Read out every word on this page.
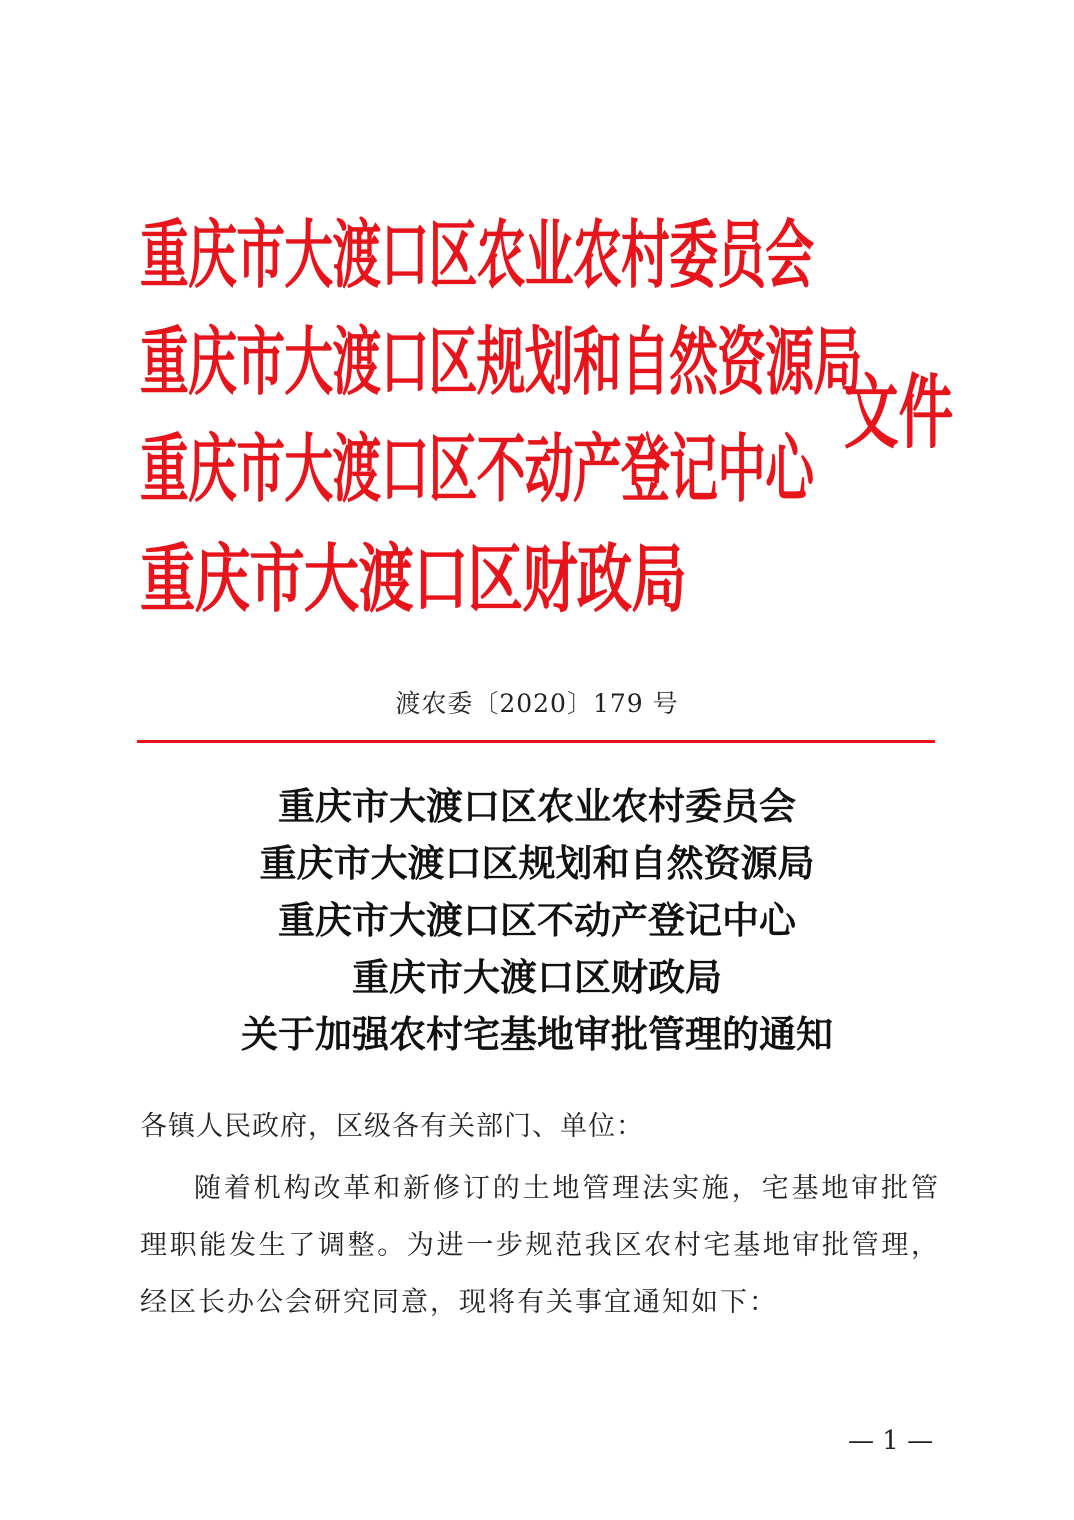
重庆市大渡口区农业农村委员会
重庆市大渡口区规划和自然资源局
重庆市大渡口区不动产登记中心
重庆市大渡口区财政局
文件
渡农委〔2020〕179 号
重庆市大渡口区农业农村委员会
重庆市大渡口区规划和自然资源局
重庆市大渡口区不动产登记中心
重庆市大渡口区财政局
关于加强农村宅基地审批管理的通知
各镇人民政府，区级各有关部门、单位：
随着机构改革和新修订的土地管理法实施，宅基地审批管理职能发生了调整。为进一步规范我区农村宅基地审批管理，经区长办公会研究同意，现将有关事宜通知如下：
— 1 —
